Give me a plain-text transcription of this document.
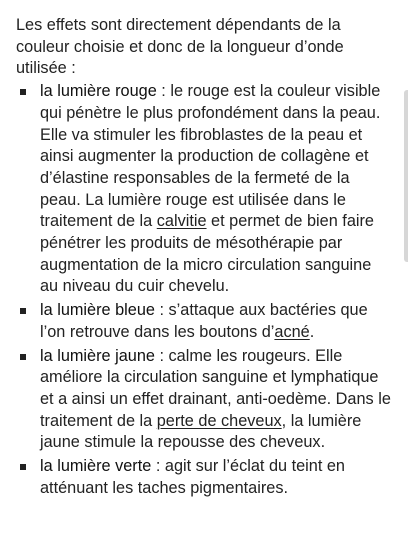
Les effets sont directement dépendants de la couleur choisie et donc de la longueur d’onde utilisée :

la lumière rouge : le rouge est la couleur visible qui pénètre le plus profondément dans la peau. Elle va stimuler les fibroblastes de la peau et ainsi augmenter la production de collagène et d’élastine responsables de la fermeté de la peau. La lumière rouge est utilisée dans le traitement de la calvitie et permet de bien faire pénétrer les produits de mésothérapie par augmentation de la micro circulation sanguine au niveau du cuir chevelu.
la lumière bleue : s’attaque aux bactéries que l’on retrouve dans les boutons d’acné.
la lumière jaune : calme les rougeurs. Elle améliore la circulation sanguine et lymphatique et a ainsi un effet drainant, anti-oedème. Dans le traitement de la perte de cheveux, la lumière jaune stimule la repousse des cheveux.
la lumière verte : agit sur l’éclat du teint en atténuant les taches pigmentaires.
